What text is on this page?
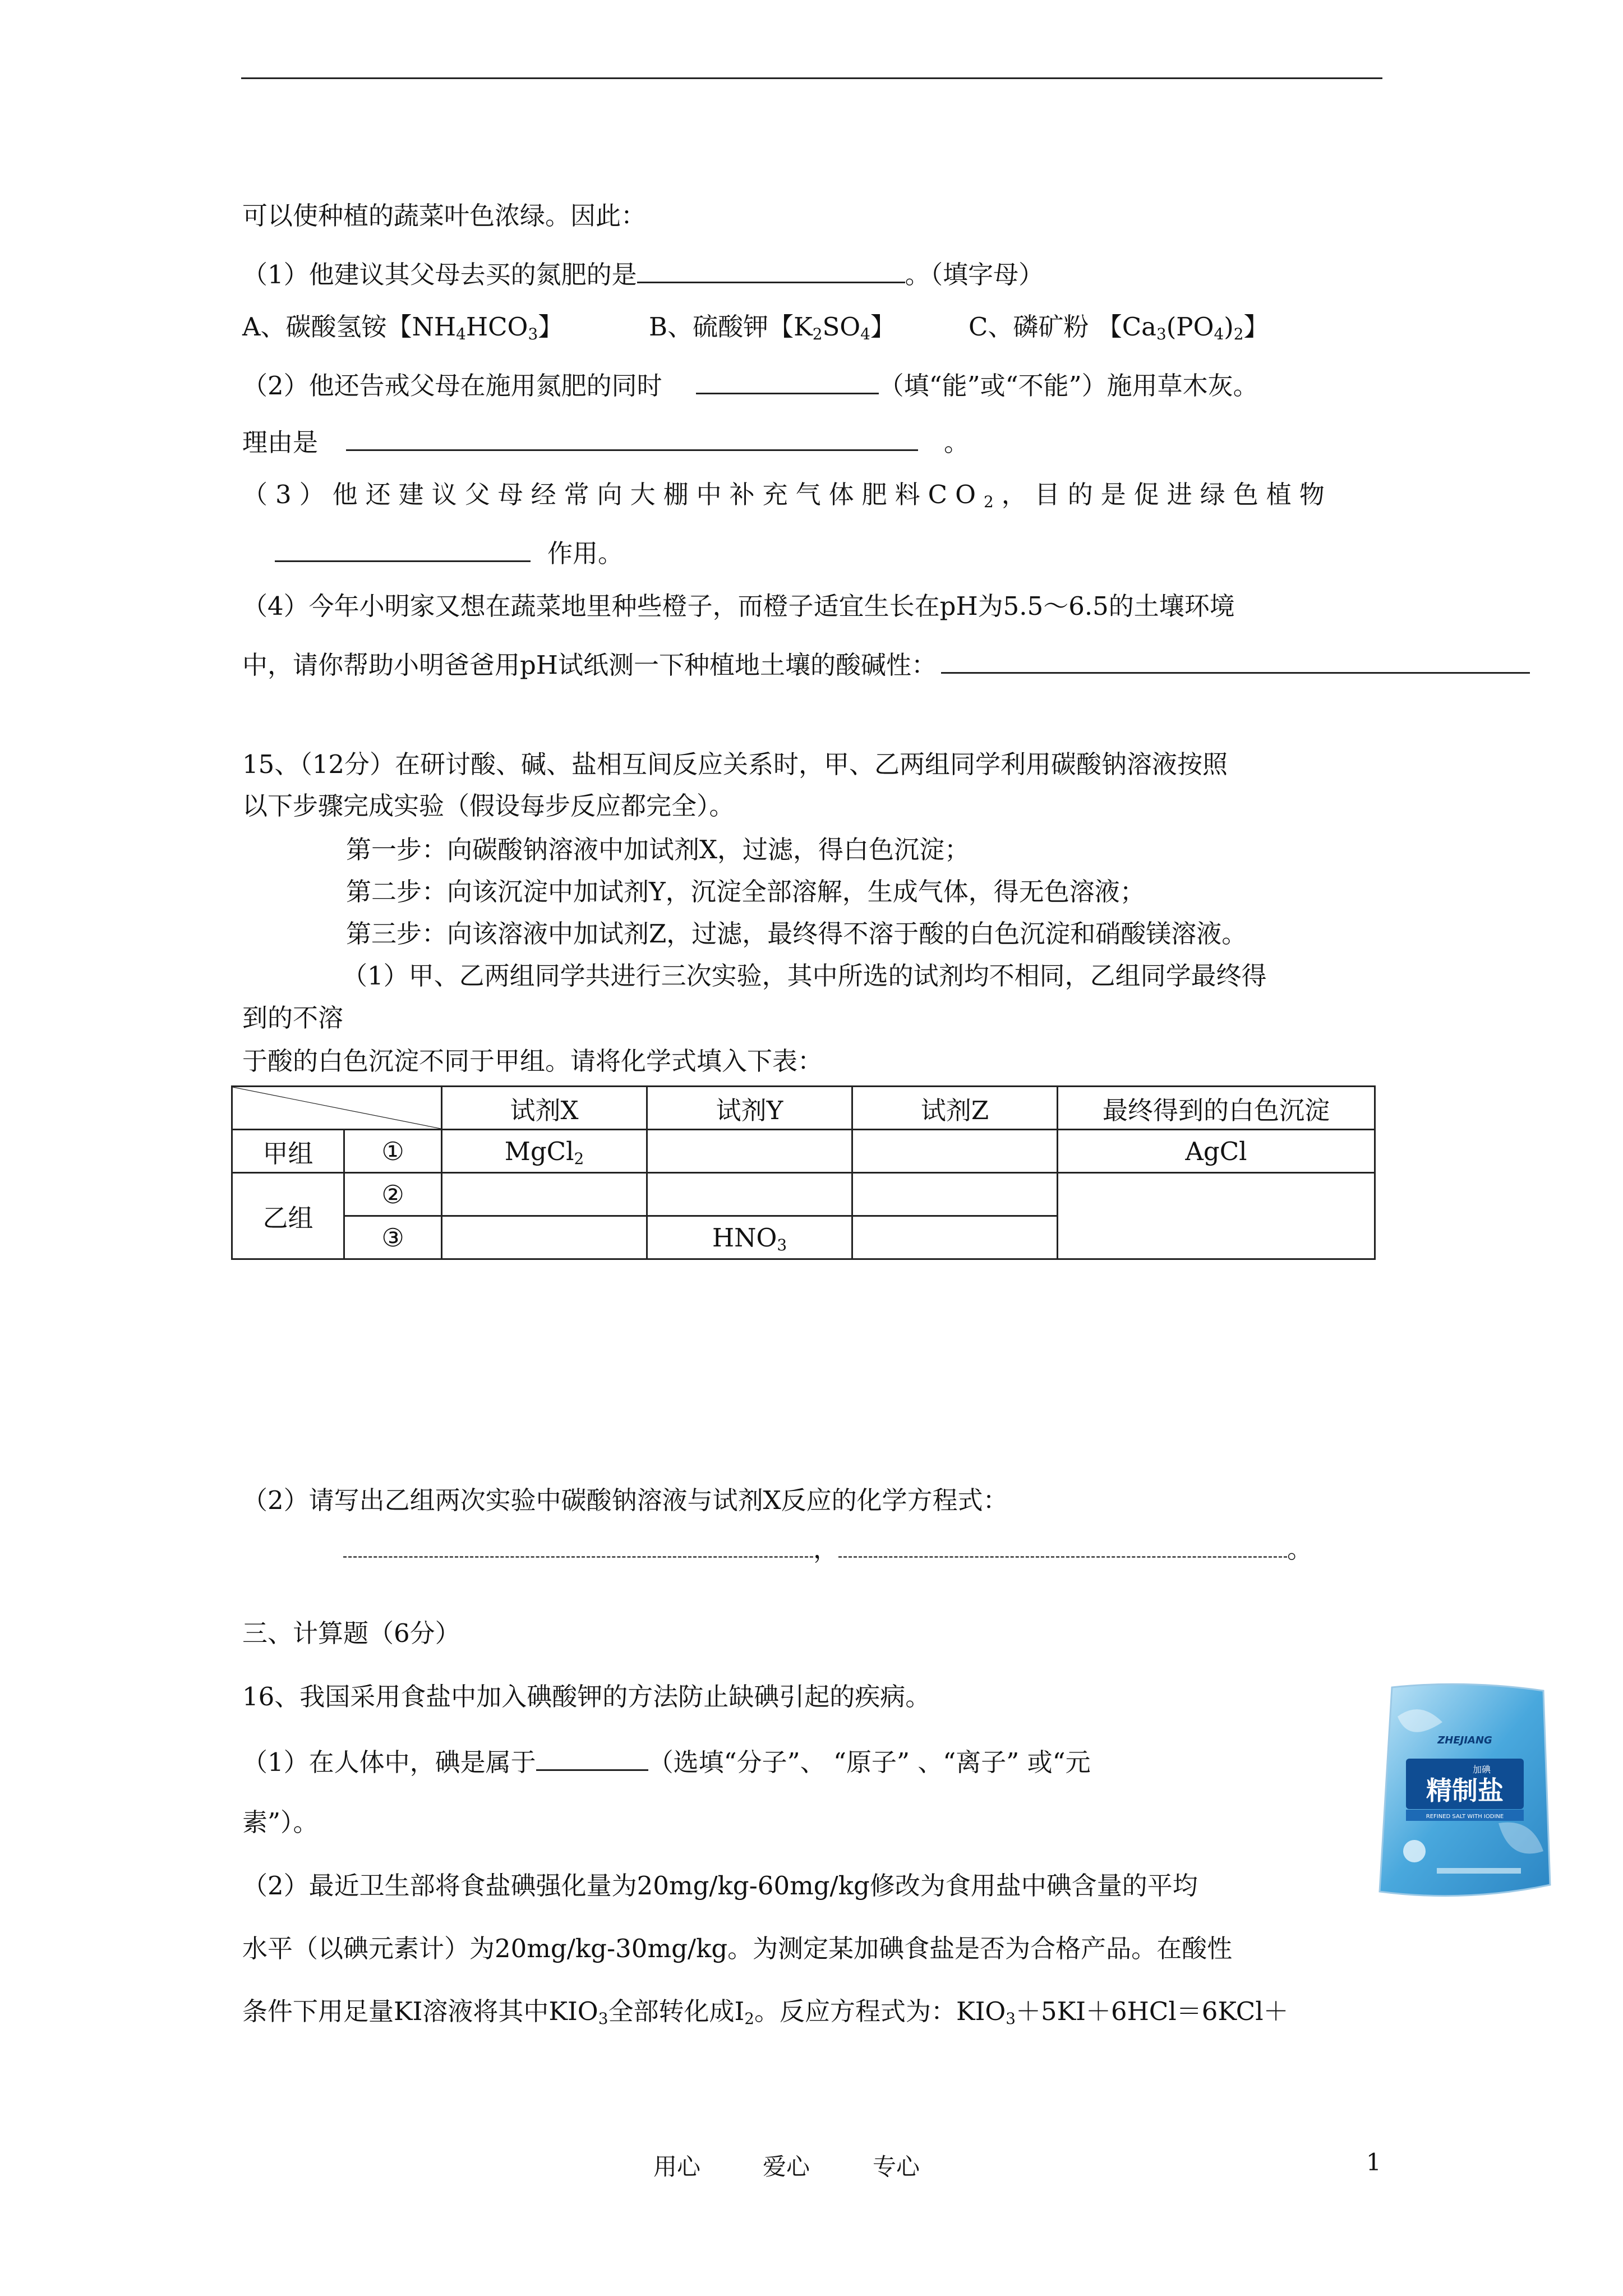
可以使种植的蔬菜叶色浓绿。因此：
（1）他建议其父母去买的氮肥的是	。（填字母）
A、碳酸氢铵【$NH_4HCO_3$】	B、硫酸钾【$K_2SO_4$】	C、磷矿粉 【$Ca_3(PO_4)_2$】
（2）他还告戒父母在施用氮肥的同时	（填“能”或“不能”）施用草木灰。
理由是	。
（3）他还建议父母经常向大棚中补充气体肥料$CO_2$，目的是促进绿色植物
作用。
（4）今年小明家又想在蔬菜地里种些橙子，而橙子适宜生长在pH为5.5～6.5的土壤环境
中，请你帮助小明爸爸用pH试纸测一下种植地土壤的酸碱性：
15、（12分）在研讨酸、碱、盐相互间反应关系时，甲、乙两组同学利用碳酸钠溶液按照
以下步骤完成实验（假设每步反应都完全）。
第一步：向碳酸钠溶液中加试剂X，过滤，得白色沉淀；
第二步：向该沉淀中加试剂Y，沉淀全部溶解，生成气体，得无色溶液；
第三步：向该溶液中加试剂Z，过滤，最终得不溶于酸的白色沉淀和硝酸镁溶液。
（1）甲、乙两组同学共进行三次实验，其中所选的试剂均不相同，乙组同学最终得
到的不溶
于酸的白色沉淀不同于甲组。请将化学式填入下表：
	试剂X	试剂Y	试剂Z	最终得到的白色沉淀
甲组	①	MgCl$_2$			AgCl
乙组	②				
	③		$HNO_3$	
（2）请写出乙组两次实验中碳酸钠溶液与试剂X反应的化学方程式：
，	。
三、计算题（6分）
16、我国采用食盐中加入碘酸钾的方法防止缺碘引起的疾病。
（1）在人体中，碘是属于	（选填“分子”、 “原子” 、“离子” 或“元
素”）。
（2）最近卫生部将食盐碘强化量为20mg/kg-60mg/kg修改为食用盐中碘含量的平均
水平（以碘元素计）为20mg/kg-30mg/kg。为测定某加碘食盐是否为合格产品。在酸性
条件下用足量KI溶液将其中$KIO_3$全部转化成$I_2$。反应方程式为：$KIO_3+5KI+6HCl=6KCl+$
ZHEJIANG
加碘
精制盐
REFINED SALT WITH IODINE
用心	爱心	专心	1
